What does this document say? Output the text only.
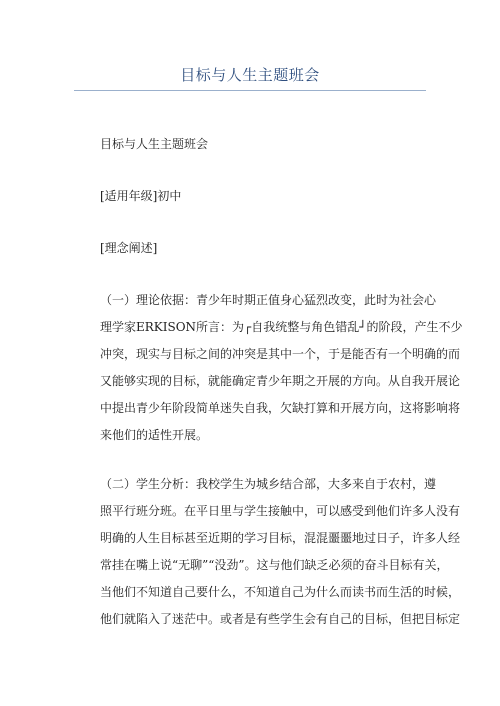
目标与人生主题班会
目标与人生主题班会
[适用年级]初中
[理念阐述]
（一）理论依据：青少年时期正值身心猛烈改变，此时为社会心
理学家ERKISON所言：为┌自我统整与角色错乱┘的阶段，产生不少
冲突，现实与目标之间的冲突是其中一个，于是能否有一个明确的而
又能够实现的目标，就能确定青少年期之开展的方向。从自我开展论
中提出青少年阶段简单迷失自我，欠缺打算和开展方向，这将影响将
来他们的适性开展。
（二）学生分析：我校学生为城乡结合部，大多来自于农村，遵
照平行班分班。在平日里与学生接触中，可以感受到他们许多人没有
明确的人生目标甚至近期的学习目标，混混噩噩地过日子，许多人经
常挂在嘴上说“无聊”“没劲”。这与他们缺乏必须的奋斗目标有关，
当他们不知道自己要什么，不知道自己为什么而读书而生活的时候，
他们就陷入了迷茫中。或者是有些学生会有自己的目标，但把目标定
